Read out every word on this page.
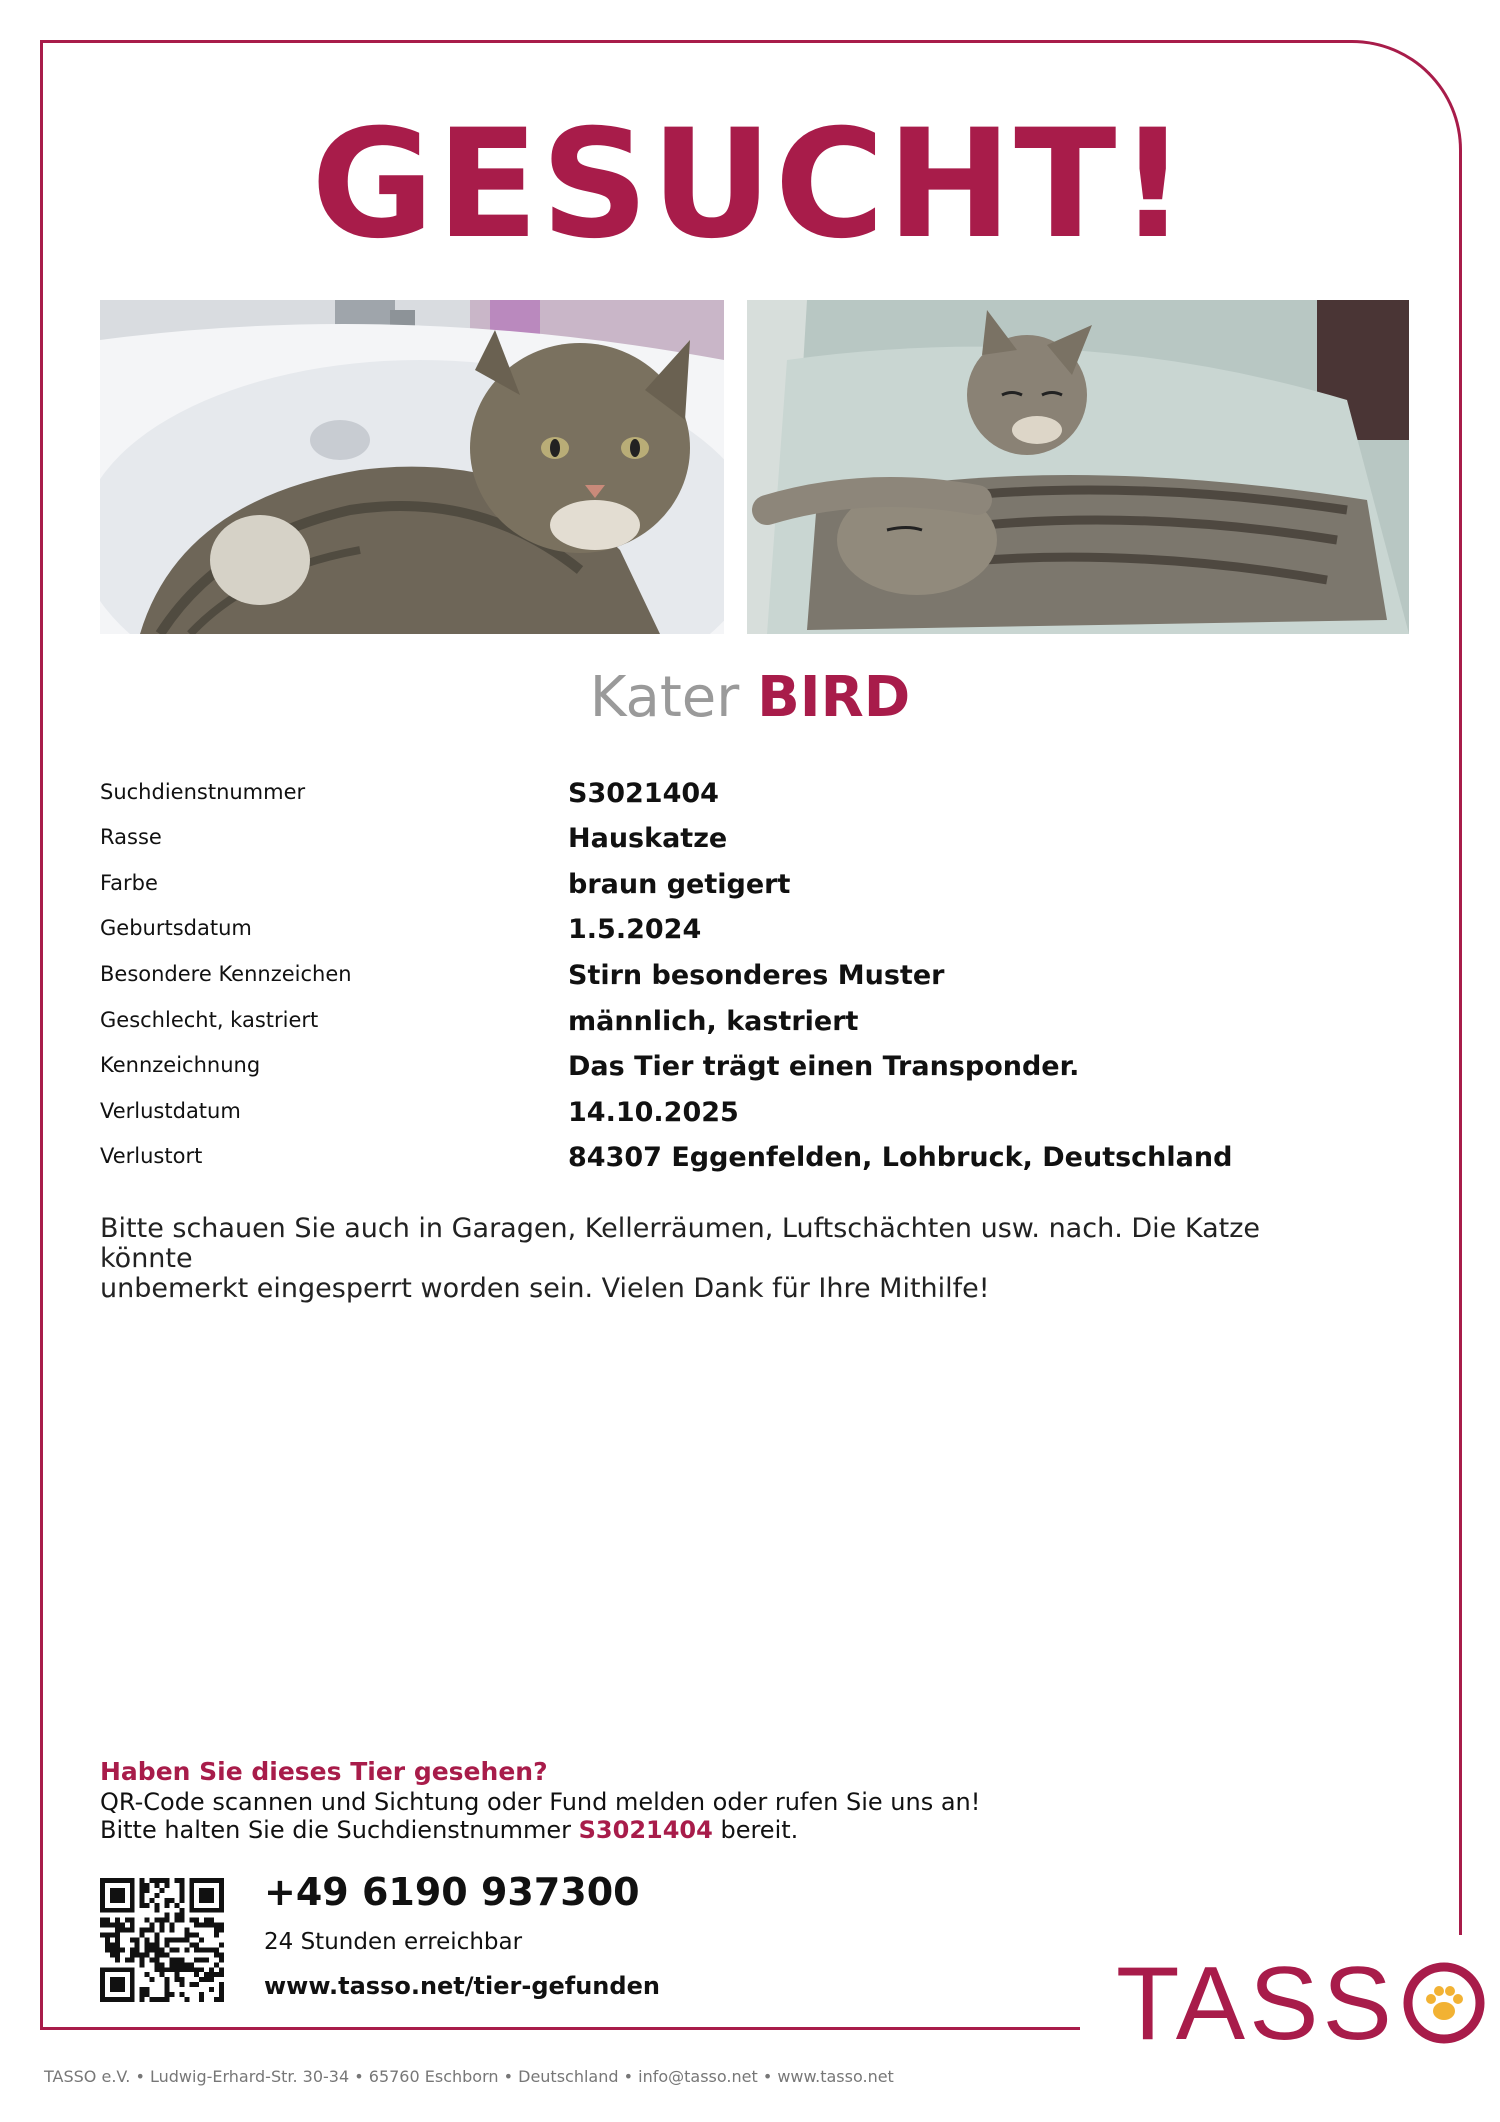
GESUCHT!
Kater BIRD
Suchdienstnummer	S3021404
Rasse	Hauskatze
Farbe	braun getigert
Geburtsdatum	1.5.2024
Besondere Kennzeichen	Stirn besonderes Muster
Geschlecht, kastriert	männlich, kastriert
Kennzeichnung	Das Tier trägt einen Transponder.
Verlustdatum	14.10.2025
Verlustort	84307 Eggenfelden, Lohbruck, Deutschland
Bitte schauen Sie auch in Garagen, Kellerräumen, Luftschächten usw. nach. Die Katze könnte
unbemerkt eingesperrt worden sein. Vielen Dank für Ihre Mithilfe!
Haben Sie dieses Tier gesehen?
QR-Code scannen und Sichtung oder Fund melden oder rufen Sie uns an!
Bitte halten Sie die Suchdienstnummer S3021404 bereit.
+49 6190 937300
24 Stunden erreichbar
www.tasso.net/tier-gefunden	TASS
TASSO e.V. • Ludwig-Erhard-Str. 30-34 • 65760 Eschborn • Deutschland • info@tasso.net • www.tasso.net
